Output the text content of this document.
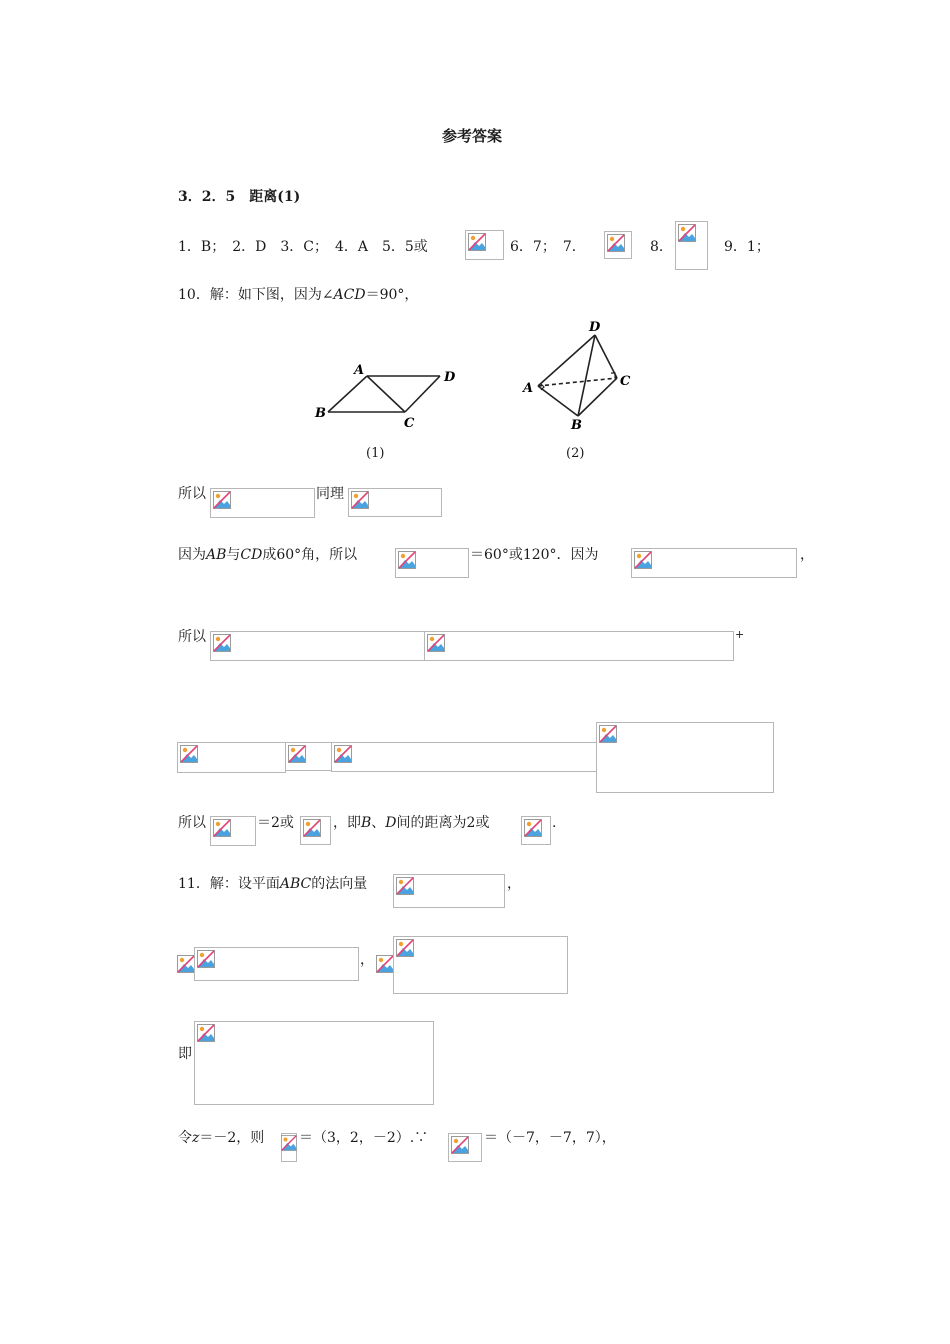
参考答案
3．2．5　距离(1)
1．B；　2．D　3．C；　4．A　5．5或	6．7；　7．	8．	9．1；
10．解：如下图，因为∠ACD＝90°，
A	D
B
C
(1)
D
A	C
B
(2)
所以	同理
因为AB与CD成60°角，所以	＝60°或120°．因为	，
所以	+
所以	＝2或	，即B、D间的距离为2或	.
11．解：设平面ABC的法向量	，
，
即
令z＝－2，则 ＝（3，2，－2）.∵	＝（－7，－7，7），
